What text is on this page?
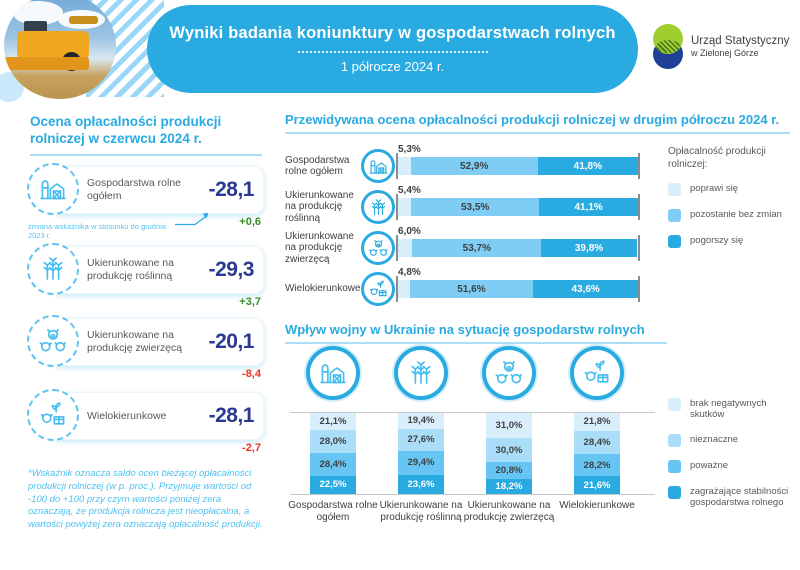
Wyniki badania koniunktury w gospodarstwach rolnych
1 półrocze 2024 r.
Urząd Statystyczny
w Zielonej Górze
Ocena opłacalności produkcji rolniczej w czerwcu 2024 r.
Gospodarstwa rolne ogółem	-28,1
+0,6
zmiana wskaźnika w stosunku do grudnia 2023 r.
Ukierunkowane na produkcję roślinną	-29,3
+3,7
Ukierunkowane na produkcję zwierzęcą	-20,1
-8,4
Wielokierunkowe	-28,1
-2,7
*Wskaźnik oznacza saldo ocen bieżącej opłacalności produkcji rolniczej (w p. proc.). Przyjmuje wartości od -100 do +100 przy czym wartości poniżej zera oznaczają, że produkcja rolnicza jest nieopłacalna, a wartości powyżej zera oznaczają opłacalność produkcji.
Przewidywana ocena opłacalności produkcji rolniczej w drugim półroczu 2024 r.
Gospodarstwa rolne ogółem
5,3%
52,9%	41,8%
Ukierunkowane na produkcję roślinną
5,4%
53,5%	41,1%
Ukierunkowane na produkcję zwierzęcą
6,0%
53,7%	39,8%
Wielokierunkowe
4,8%
51,6%	43,6%
Opłacalność produkcji rolniczej:
poprawi się
pozostanie bez zmian
pogorszy się
Wpływ wojny w Ukrainie na sytuację gospodarstw rolnych
21,1%
28,0%
28,4%
22,5%
19,4%
27,6%
29,4%
23,6%
31,0%
30,0%
20,8%
18,2%
21,8%
28,4%
28,2%
21,6%
Gospodarstwa rolne ogółem
Ukierunkowane na produkcję roślinną
Ukierunkowane na produkcję zwierzęcą
Wielokierunkowe
brak negatywnych skutków
nieznaczne
poważne
zagrażające stabilności gospodarstwa rolnego
